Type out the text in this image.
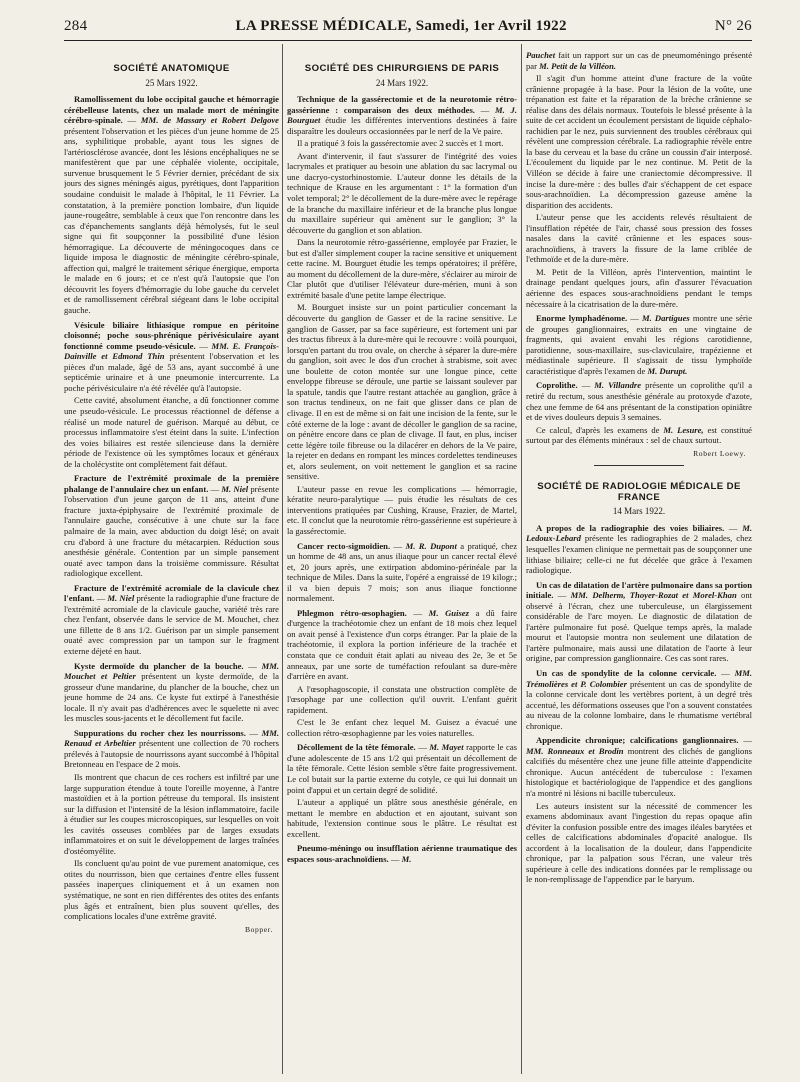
284	LA PRESSE MÉDICALE, Samedi, 1er Avril 1922	N° 26
SOCIÉTÉ ANATOMIQUE
25 Mars 1922.

Ramollissement du lobe occipital gauche et hémorragie cérébelleuse latents, chez un malade mort de méningite cérébro-spinale. — MM. de Massary et Robert Delgove présentent l'observation et les pièces d'un jeune homme de 25 ans, syphilitique probable, ayant tous les signes de l'artériosclérose avancée, dont les lésions encéphaliques ne se manifestèrent que par une céphalée violente, occipitale, survenue brusquement le 5 Février dernier, précédant de six jours des signes méningés aigus, pyrétiques, dont l'apparition soudaine conduisit le malade à l'hôpital, le 11 Février. La constatation, à la première ponction lombaire, d'un liquide jaune-rougeâtre, semblable à ceux que l'on rencontre dans les cas d'épanchements sanglants déjà hémolysés, fut le seul signe qui fit soupçonner la possibilité d'une lésion hémorragique. La découverte de méningocoques dans ce liquide imposa le diagnostic de méningite cérébro-spinale, affection qui, malgré le traitement sérique énergique, emporta le malade en 6 jours; et ce n'est qu'à l'autopsie que l'on découvrit les foyers d'hémorragie du lobe gauche du cervelet et de ramollissement cérébral siégeant dans le lobe occipital gauche.

Vésicule biliaire lithiasique rompue en péritoine cloisonné; poche sous-phrénique périvésiculaire ayant fonctionné comme pseudo-vésicule. — MM. E. François-Dainville et Edmond Thin présentent l'observation et les pièces d'un malade, âgé de 53 ans, ayant succombé à une septicémie urinaire et à une pneumonie intercurrente. La poche périvésiculaire n'a été révélée qu'à l'autopsie.

Cette cavité, absolument étanche, a dû fonctionner comme une pseudo-vésicule. Le processus réactionnel de défense a réalisé un mode naturel de guérison. Marqué au début, ce processus inflammatoire s'est éteint dans la suite. L'infection des voies biliaires est restée silencieuse dans la dernière période de l'existence où les symptômes locaux et généraux de la cholécystite ont complètement fait défaut.

Fracture de l'extrémité proximale de la première phalange de l'annulaire chez un enfant. — M. Niel présente l'observation d'un jeune garçon de 11 ans, atteint d'une fracture juxta-épiphysaire de l'extrémité proximale de l'annulaire gauche, consécutive à une chute sur la face palmaire de la main, avec abduction du doigt lésé; on avait cru d'abord à une fracture du métacarpien. Réduction sous anesthésie générale. Contention par un simple pansement ouaté avec tampon dans la troisième commissure. Résultat radiologique excellent.

Fracture de l'extrémité acromiale de la clavicule chez l'enfant. — M. Niel présente la radiographie d'une fracture de l'extrémité acromiale de la clavicule gauche, variété très rare chez l'enfant, observée dans le service de M. Mouchet, chez une fillette de 8 ans 1/2. Guérison par un simple pansement ouaté avec compression par un tampon sur le fragment externe déjeté en haut.

Kyste dermoïde du plancher de la bouche. — MM. Mouchet et Peltier présentent un kyste dermoïde, de la grosseur d'une mandarine, du plancher de la bouche, chez un jeune homme de 24 ans. Ce kyste fut extirpé à l'anesthésie locale. Il n'y avait pas d'adhérences avec le squelette ni avec les muscles sous-jacents et le décollement fut facile.

Suppurations du rocher chez les nourrissons. — MM. Renaud et Arbeltier présentent une collection de 70 rochers prélevés à l'autopsie de nourrissons ayant succombé à l'hôpital Bretonneau en l'espace de 2 mois.

Ils montrent que chacun de ces rochers est infiltré par une large suppuration étendue à toute l'oreille moyenne, à l'antre mastoïdien et à la portion pétreuse du temporal. Ils insistent sur la diffusion et l'intensité de la lésion inflammatoire, facile à étudier sur les coupes microscopiques, sur lesquelles on voit les cavités osseuses comblées par de larges exsudats inflammatoires et on suit le développement de larges traînées d'ostéomyélite.

Ils concluent qu'au point de vue purement anatomique, ces otites du nourrisson, bien que certaines d'entre elles fussent passées inaperçues cliniquement et à un examen non systématique, ne sont en rien différentes des otites des enfants plus âgés et entraînent, bien plus souvent qu'elles, des complications locales d'une extrême gravité.

Bopper.
SOCIÉTÉ DES CHIRURGIENS DE PARIS
24 Mars 1922.

Technique de la gassérectomie et de la neurotomie rétro-gassérienne : comparaison des deux méthodes. — M. J. Bourguet étudie les différentes interventions destinées à faire disparaître les douleurs occasionnées par le nerf de la Ve paire.

Il a pratiqué 3 fois la gassérectomie avec 2 succès et 1 mort.

Avant d'intervenir, il faut s'assurer de l'intégrité des voies lacrymales et pratiquer au besoin une ablation du sac lacrymal ou une dacryo-cystorhinostomie. L'auteur donne les détails de la technique de Krause en les argumentant : 1° la formation d'un volet temporal; 2° le décollement de la dure-mère avec le repérage de la branche du maxillaire inférieur et de la branche plus longue du maxillaire supérieur qui amènent sur le ganglion; 3° la découverte du ganglion et son ablation.

Dans la neurotomie rétro-gassérienne, employée par Frazier, le but est d'aller simplement couper la racine sensitive et uniquement cette racine. M. Bourguet étudie les temps opératoires; il préfère, au moment du décollement de la dure-mère, s'éclairer au miroir de Clar plutôt que d'utiliser l'élévateur dure-mérien, muni à son extrémité basale d'une petite lampe électrique.

M. Bourguet insiste sur un point particulier concernant la découverte du ganglion de Gasser et de la racine sensitive. Le ganglion de Gasser, par sa face supérieure, est fortement uni par des tractus fibreux à la dure-mère qui le recouvre : voilà pourquoi, lorsqu'en partant du trou ovale, on cherche à séparer la dure-mère du ganglion, soit avec le dos d'un crochet à strabisme, soit avec une boulette de coton montée sur une longue pince, cette enveloppe fibreuse se déroule, une partie se laissant soulever par la spatule, tandis que l'autre restant attachée au ganglion, grâce à son tractus tendineux, on ne fait que glisser dans ce plan de clivage. Il en est de même si on fait une incision de la fente, sur le côté externe de la loge : avant de décoller le ganglion de sa racine, on pénètre encore dans ce plan de clivage. Il faut, en plus, inciser cette légère toile fibreuse ou la dilacérer en dehors de la Ve paire, la rejeter en dedans en rompant les minces cordelettes tendineuses et, alors seulement, on voit nettement le ganglion et sa racine sensitive.

L'auteur passe en revue les complications — hémorragie, kératite neuro-paralytique — puis étudie les résultats de ces interventions pratiquées par Cushing, Krause, Frazier, de Martel, etc. Il conclut que la neurotomie rétro-gassérienne est supérieure à la gassérectomie.

Cancer recto-sigmoïdien. — M. R. Dupont a pratiqué, chez un homme de 48 ans, un anus iliaque pour un cancer rectal élevé et, 20 jours après, une extirpation abdomino-périnéale par la technique de Miles. Dans la suite, l'opéré a engraissé de 19 kilogr.; il va bien depuis 7 mois; son anus iliaque fonctionne normalement.

Phlegmon rétro-œsophagien. — M. Guisez a dû faire d'urgence la trachéotomie chez un enfant de 18 mois chez lequel on avait pensé à l'existence d'un corps étranger. Par la plaie de la trachéotomie, il explora la portion inférieure de la trachée et constata que ce conduit était aplati au niveau des 2e, 3e et 5e anneaux, par une sorte de tuméfaction refoulant sa dure-mère d'arrière en avant.

A l'œsophagoscopie, il constata une obstruction complète de l'œsophage par une collection qu'il ouvrit. L'enfant guérit rapidement.

C'est le 3e enfant chez lequel M. Guisez a évacué une collection rétro-œsophagienne par les voies naturelles.

Décollement de la tête fémorale. — M. Mayet rapporte le cas d'une adolescente de 15 ans 1/2 qui présentait un décollement de la tête fémorale. Cette lésion semble s'être faite progressivement. Le col butait sur la partie externe du cotyle, ce qui lui donnait un point d'appui et un certain degré de solidité.

L'auteur a appliqué un plâtre sous anesthésie générale, en mettant le membre en abduction et en ajoutant, suivant son habitude, l'extension continue sous le plâtre. Le résultat est excellent.

Pneumo-méningo ou insufflation aérienne traumatique des espaces sous-arachnoïdiens. — M.

Pauchet fait un rapport sur un cas de pneumoméningo présenté par M. Petit de la Villéon.

Il s'agit d'un homme atteint d'une fracture de la voûte crânienne propagée à la base. Pour la lésion de la voûte, une trépanation est faite et la réparation de la brèche crânienne se réalise dans des délais normaux. Toutefois le blessé présente à la suite de cet accident un écoulement persistant de liquide céphalo-rachidien par le nez, puis surviennent des troubles cérébraux qui révèlent une compression cérébrale. La radiographie révèle entre la base du cerveau et la base du crâne un coussin d'air interposé. L'écoulement du liquide par le nez continue. M. Petit de la Villéon se décide à faire une craniectomie décompressive. Il incise la dure-mère : des bulles d'air s'échappent de cet espace sous-arachnoïdien. La décompression gazeuse amène la disparition des accidents.

L'auteur pense que les accidents relevés résultaient de l'insufflation répétée de l'air, chassé sous pression des fosses nasales dans la cavité crânienne et les espaces sous-arachnoïdiens, à travers la fissure de la lame criblée de l'ethmoïde et de la dure-mère.

M. Petit de la Villéon, après l'intervention, maintint le drainage pendant quelques jours, afin d'assurer l'évacuation aérienne des espaces sous-arachnoïdiens pendant le temps nécessaire à la cicatrisation de la dure-mère.

Enorme lymphadénome. — M. Dartigues montre une série de groupes ganglionnaires, extraits en une vingtaine de fragments, qui avaient envahi les régions carotidienne, parotidienne, sous-maxillaire, sus-claviculaire, trapézienne et médiastinale supérieure. Il s'agissait de tissu lymphoïde caractéristique d'après l'examen de M. Durupt.

Coprolithe. — M. Villandre présente un coprolithe qu'il a retiré du rectum, sous anesthésie générale au protoxyde d'azote, chez une femme de 64 ans présentant de la constipation opiniâtre et de vives douleurs depuis 3 semaines.

Ce calcul, d'après les examens de M. Lesure, est constitué surtout par des éléments minéraux : sel de chaux surtout.

Robert Loewy.
SOCIÉTÉ DE RADIOLOGIE MÉDICALE DE FRANCE
14 Mars 1922.

A propos de la radiographie des voies biliaires. — M. Ledoux-Lebard présente les radiographies de 2 malades, chez lesquelles l'examen clinique ne permettait pas de soupçonner une lithiase biliaire; celle-ci ne fut décelée que grâce à l'examen radiologique.

Un cas de dilatation de l'artère pulmonaire dans sa portion initiale. — MM. Delherm, Thoyer-Rozat et Morel-Khan ont observé à l'écran, chez une tuberculeuse, un élargissement considérable de l'arc moyen. Le diagnostic de dilatation de l'artère pulmonaire fut posé. Quelque temps après, la malade mourut et l'autopsie montra non seulement une dilatation de l'artère pulmonaire, mais aussi une dilatation de l'aorte à leur origine, par compression ganglionnaire. Ces cas sont rares.

Un cas de spondylite de la colonne cervicale. — MM. Trémolières et P. Colombier présentent un cas de spondylite de la colonne cervicale dont les vertèbres portent, à un degré très accentué, les déformations osseuses que l'on a souvent constatées au niveau de la colonne lombaire, dans le rhumatisme vertébral chronique.

Appendicite chronique; calcifications ganglionnaires. — MM. Ronneaux et Brodin montrent des clichés de ganglions calcifiés du mésentère chez une jeune fille atteinte d'appendicite chronique. Aucun antécédent de tuberculose : l'examen histologique et bactériologique de l'appendice et des ganglions n'a montré ni lésions ni bacille tuberculeux.

Les auteurs insistent sur la nécessité de commencer les examens abdominaux avant l'ingestion du repas opaque afin d'éviter la confusion possible entre des images iléales barytées et celles de calcifications abdominales d'opacité analogue. Ils accordent à la localisation de la douleur, dans l'appendicite chronique, par la palpation sous l'écran, une valeur très supérieure à celle des indications données par le remplissage ou le non-remplissage de l'appendice par le baryum.
